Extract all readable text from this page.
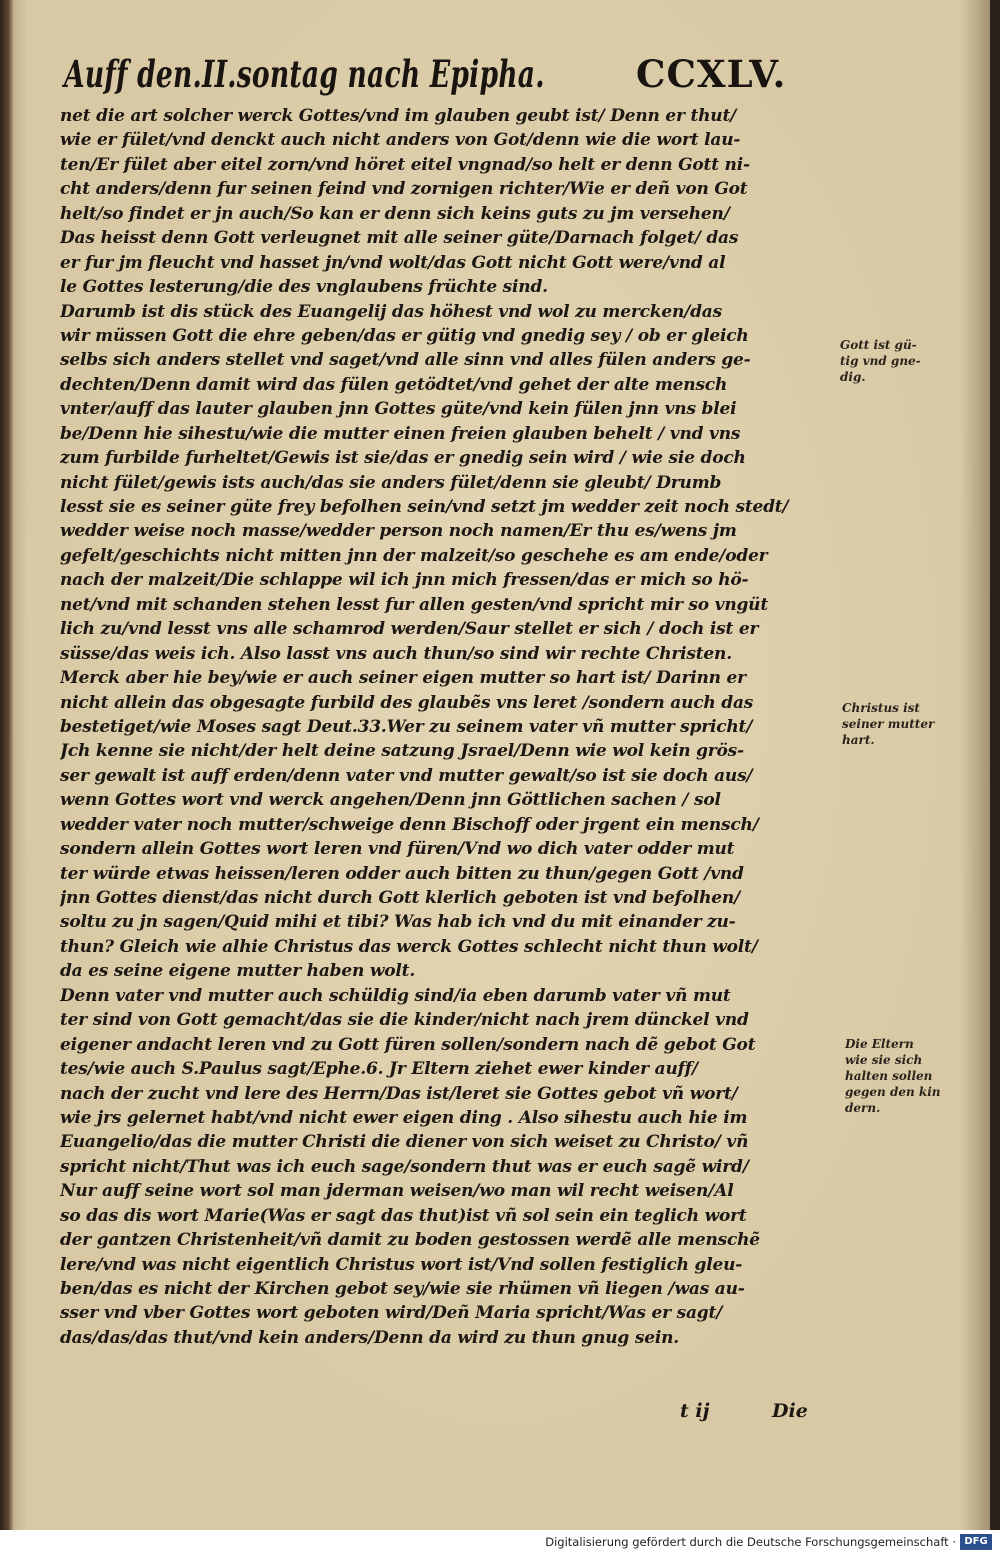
Auff den.II.sontag nach Epipha.	CCXLV.
net die art solcher werck Gottes/vnd im glauben geubt ist/ Denn er thut/
wie er fület/vnd denckt auch nicht anders von Got/denn wie die wort lau-
ten/Er fület aber eitel zorn/vnd höret eitel vngnad/so helt er denn Gott ni-
cht anders/denn fur seinen feind vnd zornigen richter/Wie er deñ von Got
helt/so findet er jn auch/So kan er denn sich keins guts zu jm versehen/
Das heisst denn Gott verleugnet mit alle seiner güte/Darnach folget/ das
er fur jm fleucht vnd hasset jn/vnd wolt/das Gott nicht Gott were/vnd al
le Gottes lesterung/die des vnglaubens früchte sind.
Darumb ist dis stück des Euangelij das höhest vnd wol zu mercken/das
wir müssen Gott die ehre geben/das er gütig vnd gnedig sey / ob er gleich
selbs sich anders stellet vnd saget/vnd alle sinn vnd alles fülen anders ge-
dechten/Denn damit wird das fülen getödtet/vnd gehet der alte mensch
vnter/auff das lauter glauben jnn Gottes güte/vnd kein fülen jnn vns blei
be/Denn hie sihestu/wie die mutter einen freien glauben behelt / vnd vns
zum furbilde furheltet/Gewis ist sie/das er gnedig sein wird / wie sie doch
nicht fület/gewis ists auch/das sie anders fület/denn sie gleubt/ Drumb
lesst sie es seiner güte frey befolhen sein/vnd setzt jm wedder zeit noch stedt/
wedder weise noch masse/wedder person noch namen/Er thu es/wens jm
gefelt/geschichts nicht mitten jnn der malzeit/so geschehe es am ende/oder
nach der malzeit/Die schlappe wil ich jnn mich fressen/das er mich so hö-
net/vnd mit schanden stehen lesst fur allen gesten/vnd spricht mir so vngüt
lich zu/vnd lesst vns alle schamrod werden/Saur stellet er sich / doch ist er
süsse/das weis ich. Also lasst vns auch thun/so sind wir rechte Christen.
Merck aber hie bey/wie er auch seiner eigen mutter so hart ist/ Darinn er
nicht allein das obgesagte furbild des glaubẽs vns leret /sondern auch das
bestetiget/wie Moses sagt Deut.33.Wer zu seinem vater vñ mutter spricht/
Jch kenne sie nicht/der helt deine satzung Jsrael/Denn wie wol kein grös-
ser gewalt ist auff erden/denn vater vnd mutter gewalt/so ist sie doch aus/
wenn Gottes wort vnd werck angehen/Denn jnn Göttlichen sachen / sol
wedder vater noch mutter/schweige denn Bischoff oder jrgent ein mensch/
sondern allein Gottes wort leren vnd füren/Vnd wo dich vater odder mut
ter würde etwas heissen/leren odder auch bitten zu thun/gegen Gott /vnd
jnn Gottes dienst/das nicht durch Gott klerlich geboten ist vnd befolhen/
soltu zu jn sagen/Quid mihi et tibi? Was hab ich vnd du mit einander zu-
thun? Gleich wie alhie Christus das werck Gottes schlecht nicht thun wolt/
da es seine eigene mutter haben wolt.
Denn vater vnd mutter auch schüldig sind/ia eben darumb vater vñ mut
ter sind von Gott gemacht/das sie die kinder/nicht nach jrem dünckel vnd
eigener andacht leren vnd zu Gott füren sollen/sondern nach dẽ gebot Got
tes/wie auch S.Paulus sagt/Ephe.6. Jr Eltern ziehet ewer kinder auff/
nach der zucht vnd lere des Herrn/Das ist/leret sie Gottes gebot vñ wort/
wie jrs gelernet habt/vnd nicht ewer eigen ding . Also sihestu auch hie im
Euangelio/das die mutter Christi die diener von sich weiset zu Christo/ vñ
spricht nicht/Thut was ich euch sage/sondern thut was er euch sagẽ wird/
Nur auff seine wort sol man jderman weisen/wo man wil recht weisen/Al
so das dis wort Marie(Was er sagt das thut)ist vñ sol sein ein teglich wort
der gantzen Christenheit/vñ damit zu boden gestossen werdẽ alle menschẽ
lere/vnd was nicht eigentlich Christus wort ist/Vnd sollen festiglich gleu-
ben/das es nicht der Kirchen gebot sey/wie sie rhümen vñ liegen /was au-
sser vnd vber Gottes wort geboten wird/Deñ Maria spricht/Was er sagt/
das/das/das thut/vnd kein anders/Denn da wird zu thun gnug sein.
Gott ist gü-
tig vnd gne-
dig.
Christus ist
seiner mutter
hart.
Die Eltern
wie sie sich
halten sollen
gegen den kin
dern.
t ij	Die
Digitalisierung gefördert durch die Deutsche Forschungsgemeinschaft · DFG
